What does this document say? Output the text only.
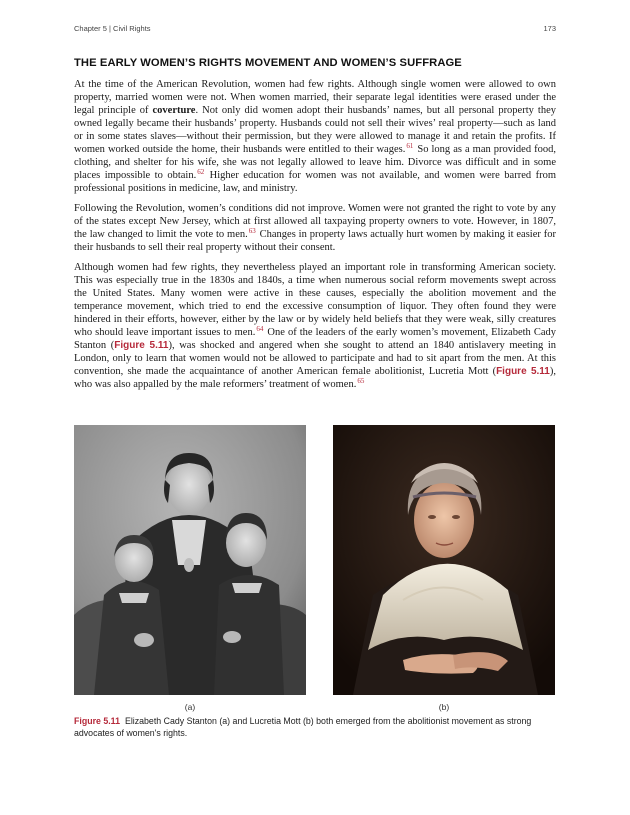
Chapter 5 | Civil Rights	173
THE EARLY WOMEN’S RIGHTS MOVEMENT AND WOMEN’S SUFFRAGE

At the time of the American Revolution, women had few rights. Although single women were allowed to own property, married women were not. When women married, their separate legal identities were erased under the legal principle of coverture. Not only did women adopt their husbands’ names, but all personal property they owned legally became their husbands’ property. Husbands could not sell their wives’ real property—such as land or in some states slaves—without their permission, but they were allowed to manage it and retain the profits. If women worked outside the home, their husbands were entitled to their wages.$^{61}$ So long as a man provided food, clothing, and shelter for his wife, she was not legally allowed to leave him. Divorce was difficult and in some places impossible to obtain.$^{62}$ Higher education for women was not available, and women were barred from professional positions in medicine, law, and ministry.

Following the Revolution, women’s conditions did not improve. Women were not granted the right to vote by any of the states except New Jersey, which at first allowed all taxpaying property owners to vote. However, in 1807, the law changed to limit the vote to men.$^{63}$ Changes in property laws actually hurt women by making it easier for their husbands to sell their real property without their consent.

Although women had few rights, they nevertheless played an important role in transforming American society. This was especially true in the 1830s and 1840s, a time when numerous social reform movements swept across the United States. Many women were active in these causes, especially the abolition movement and the temperance movement, which tried to end the excessive consumption of liquor. They often found they were hindered in their efforts, however, either by the law or by widely held beliefs that they were weak, silly creatures who should leave important issues to men.$^{64}$ One of the leaders of the early women’s movement, Elizabeth Cady Stanton (Figure 5.11), was shocked and angered when she sought to attend an 1840 antislavery meeting in London, only to learn that women would not be allowed to participate and had to sit apart from the men. At this convention, she made the acquaintance of another American female abolitionist, Lucretia Mott (Figure 5.11), who was also appalled by the male reformers’ treatment of women.$^{65}$

(a)	(b)
Figure 5.11 Elizabeth Cady Stanton (a) and Lucretia Mott (b) both emerged from the abolitionist movement as strong advocates of women's rights.
